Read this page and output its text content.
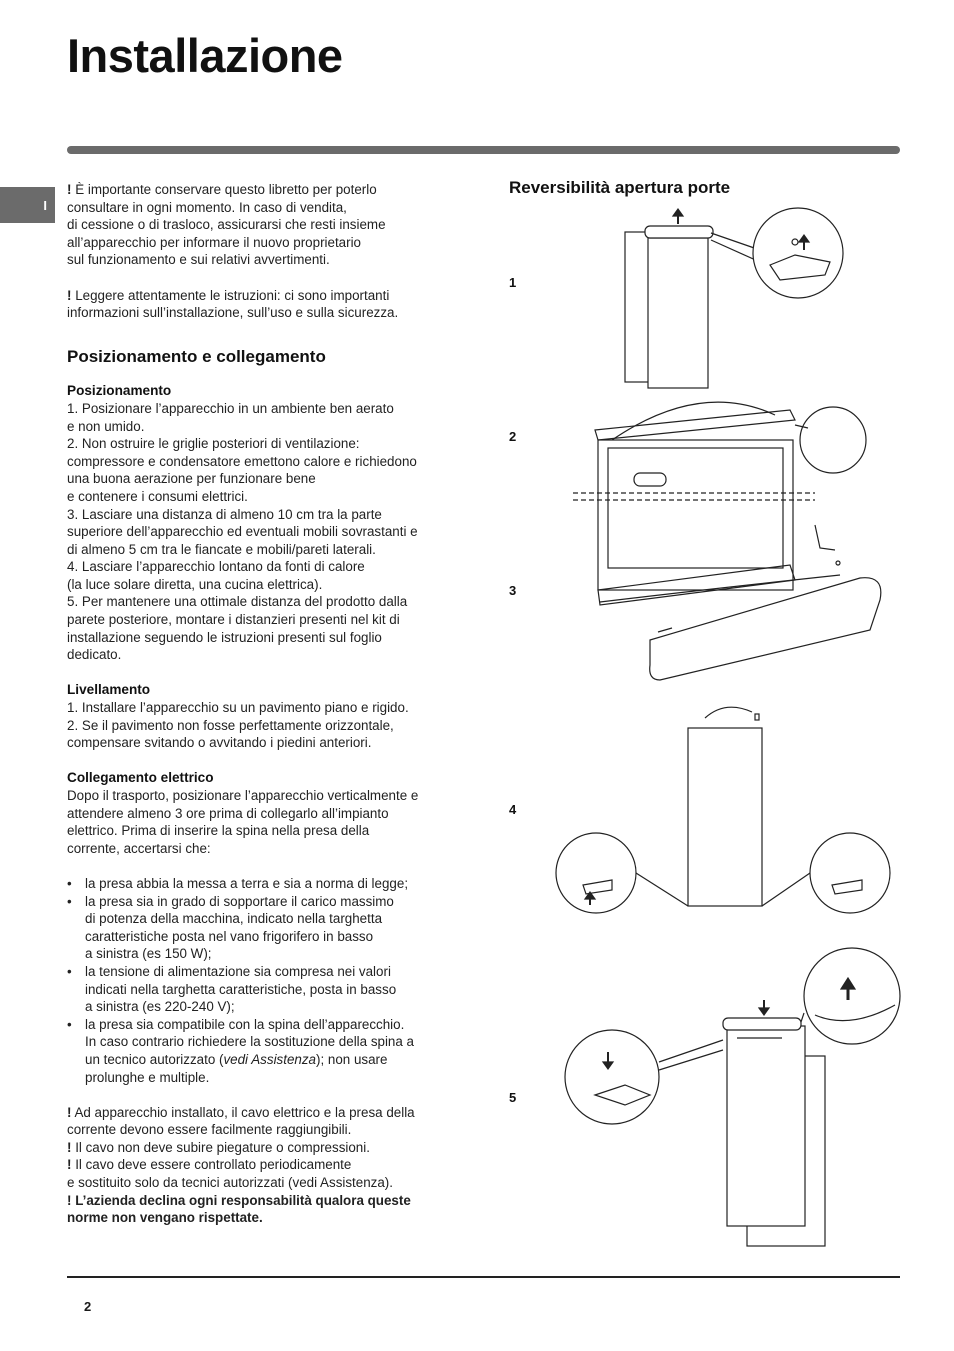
Installazione
I

! È importante conservare questo libretto per poterlo
consultare in ogni momento. In caso di vendita,
di cessione o di trasloco, assicurarsi che resti insieme
all’apparecchio per informare il nuovo proprietario
sul funzionamento e sui relativi avvertimenti.

! Leggere attentamente le istruzioni: ci sono importanti
informazioni sull’installazione, sull’uso e sulla sicurezza.

Posizionamento e collegamento
Posizionamento

1. Posizionare l’apparecchio in un ambiente ben aerato
e non umido.
2. Non ostruire le griglie posteriori di ventilazione:
compressore e condensatore emettono calore e richiedono
una buona aerazione per funzionare bene
e contenere i consumi elettrici.
3. Lasciare una distanza di almeno 10 cm tra la parte
superiore dell’apparecchio ed eventuali mobili sovrastanti e
di almeno 5 cm tra le fiancate e mobili/pareti laterali.
4. Lasciare l’apparecchio lontano da fonti di calore
(la luce solare diretta, una cucina elettrica).
5. Per mantenere una ottimale distanza del prodotto dalla
parete posteriore, montare i distanzieri presenti nel kit di
installazione seguendo le istruzioni presenti sul foglio
dedicato.

Livellamento

1. Installare l’apparecchio su un pavimento piano e rigido.
2. Se il pavimento non fosse perfettamente orizzontale,
compensare svitando o avvitando i piedini anteriori.

Collegamento elettrico

Dopo il trasporto, posizionare l’apparecchio verticalmente e
attendere almeno 3 ore prima di collegarlo all’impianto
elettrico. Prima di inserire la spina nella presa della
corrente, accertarsi che:

• la presa abbia la messa a terra e sia a norma di legge;
• la presa sia in grado di sopportare il carico massimo
di potenza della macchina, indicato nella targhetta
caratteristiche posta nel vano frigorifero in basso
a sinistra (es 150 W);
• la tensione di alimentazione sia compresa nei valori
indicati nella targhetta caratteristiche, posta in basso
a sinistra (es 220-240 V);
• la presa sia compatibile con la spina dell’apparecchio.
In caso contrario richiedere la sostituzione della spina a
un tecnico autorizzato (vedi Assistenza); non usare
prolunghe e multiple.

! Ad apparecchio installato, il cavo elettrico e la presa della
corrente devono essere facilmente raggiungibili.

! Il cavo non deve subire piegature o compressioni.

! Il cavo deve essere controllato periodicamente
e sostituito solo da tecnici autorizzati (vedi Assistenza).

! L’azienda declina ogni responsabilità qualora queste
norme non vengano rispettate.

Reversibilità apertura porte
1
2
3
4
5
2
